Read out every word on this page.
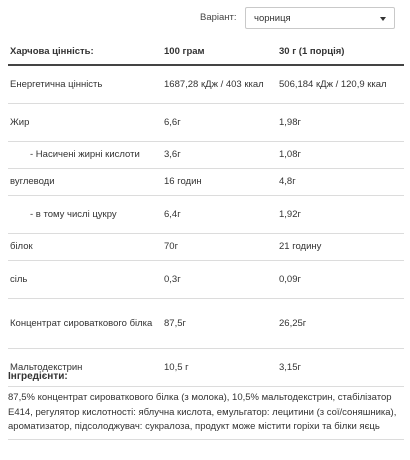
Варіант: чорниця
Харчова цінність:	100 грам	30 г (1 порція)
Енергетична цінність	1687,28 кДж / 403 ккал	506,184 кДж / 120,9 ккал
Жир	6,6г	1,98г
- Насичені жирні кислоти	3,6г	1,08г
вуглеводи	16 годин	4,8г
- в тому числі цукру	6,4г	1,92г
білок	70г	21 годину
сіль	0,3г	0,09г
Концентрат сироваткового білка	87,5г	26,25г
Мальтодекстрин	10,5 г	3,15г
Інгредієнти:
87,5% концентрат сироваткового білка (з молока), 10,5% мальтодекстрин, стабілізатор Е414, регулятор кислотності: яблучна кислота, емульгатор: лецитини (з сої/соняшника), ароматизатор, підсолоджувач: сукралоза, продукт може містити горіхи та білки яєць
